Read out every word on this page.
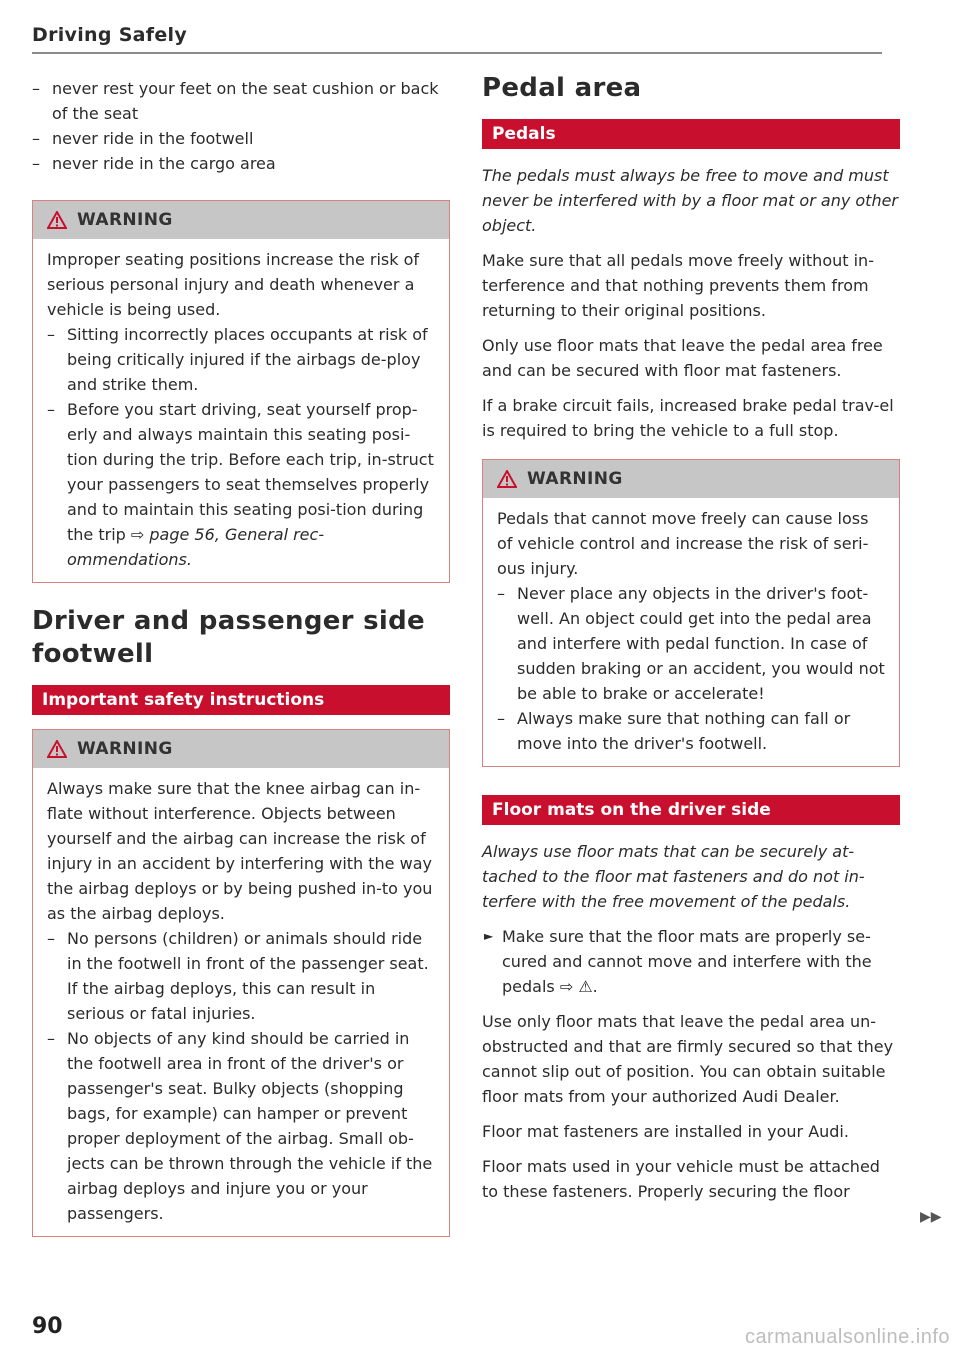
Driving Safely
– never rest your feet on the seat cushion or back of the seat
– never ride in the footwell
– never ride in the cargo area
WARNING

Improper seating positions increase the risk of serious personal injury and death whenever a vehicle is being used.

– Sitting incorrectly places occupants at risk of being critically injured if the airbags de-ploy and strike them.
– Before you start driving, seat yourself prop-erly and always maintain this seating posi-tion during the trip. Before each trip, in-struct your passengers to seat themselves properly and to maintain this seating posi-tion during the trip ⇨ page 56, General rec-ommendations.
Driver and passenger side footwell
Important safety instructions
WARNING

Always make sure that the knee airbag can in-flate without interference. Objects between yourself and the airbag can increase the risk of injury in an accident by interfering with the way the airbag deploys or by being pushed in-to you as the airbag deploys.

– No persons (children) or animals should ride in the footwell in front of the passenger seat. If the airbag deploys, this can result in serious or fatal injuries.
– No objects of any kind should be carried in the footwell area in front of the driver's or passenger's seat. Bulky objects (shopping bags, for example) can hamper or prevent proper deployment of the airbag. Small ob-jects can be thrown through the vehicle if the airbag deploys and injure you or your passengers.
Pedal area
Pedals

The pedals must always be free to move and must never be interfered with by a floor mat or any other object.

Make sure that all pedals move freely without in-terference and that nothing prevents them from returning to their original positions.

Only use floor mats that leave the pedal area free and can be secured with floor mat fasteners.

If a brake circuit fails, increased brake pedal trav-el is required to bring the vehicle to a full stop.

WARNING

Pedals that cannot move freely can cause loss of vehicle control and increase the risk of seri-ous injury.

– Never place any objects in the driver's foot-well. An object could get into the pedal area and interfere with pedal function. In case of sudden braking or an accident, you would not be able to brake or accelerate!
– Always make sure that nothing can fall or move into the driver's footwell.
Floor mats on the driver side

Always use floor mats that can be securely at-tached to the floor mat fasteners and do not in-terfere with the free movement of the pedals.

► Make sure that the floor mats are properly se-cured and cannot move and interfere with the pedals ⇨ ⚠.

Use only floor mats that leave the pedal area un-obstructed and that are firmly secured so that they cannot slip out of position. You can obtain suitable floor mats from your authorized Audi Dealer.

Floor mat fasteners are installed in your Audi.

Floor mats used in your vehicle must be attached to these fasteners. Properly securing the floor

▶▶
90	carmanualsonline.info
